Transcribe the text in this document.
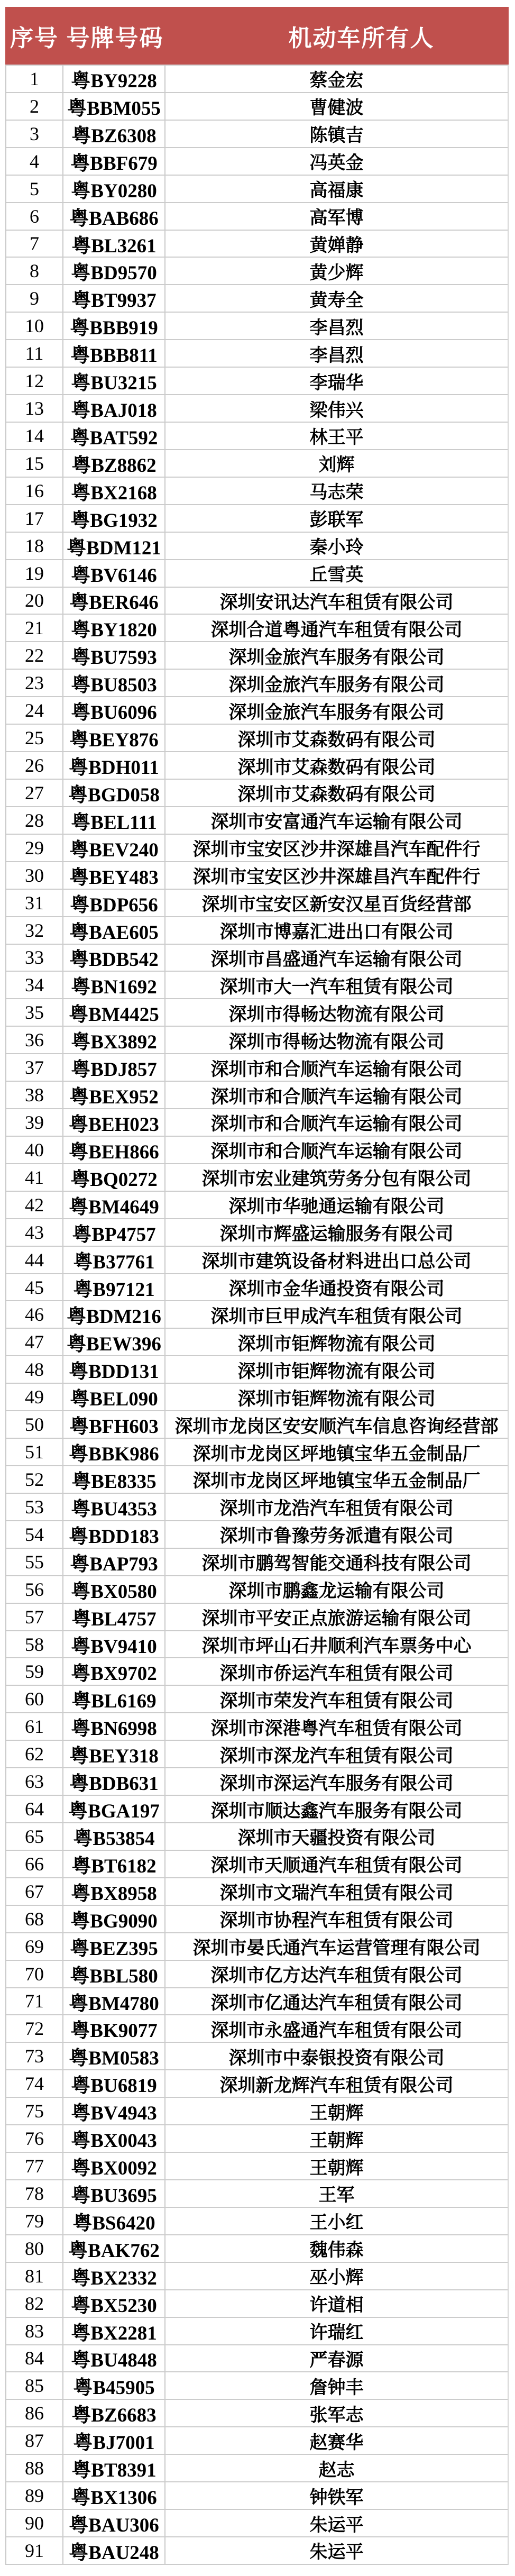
序号 号牌号码	机动车所有人
1	粤BY9228	蔡金宏
2	粤BBM055	曹健波
3	粤BZ6308	陈镇吉
4	粤BBF679	冯英金
5	粤BY0280	高福康
6	粤BAB686	高军博
7	粤BL3261	黄婵静
8	粤BD9570	黄少辉
9	粤BT9937	黄寿全
10	粤BBB919	李昌烈
11	粤BBB811	李昌烈
12	粤BU3215	李瑞华
13	粤BAJ018	梁伟兴
14	粤BAT592	林王平
15	粤BZ8862	刘辉
16	粤BX2168	马志荣
17	粤BG1932	彭联军
18	粤BDM121	秦小玲
19	粤BV6146	丘雪英
20	粤BER646	深圳安讯达汽车租赁有限公司
21	粤BY1820	深圳合道粤通汽车租赁有限公司
22	粤BU7593	深圳金旅汽车服务有限公司
23	粤BU8503	深圳金旅汽车服务有限公司
24	粤BU6096	深圳金旅汽车服务有限公司
25	粤BEY876	深圳市艾森数码有限公司
26	粤BDH011	深圳市艾森数码有限公司
27	粤BGD058	深圳市艾森数码有限公司
28	粤BEL111	深圳市安富通汽车运输有限公司
29	粤BEV240	深圳市宝安区沙井深雄昌汽车配件行
30	粤BEY483	深圳市宝安区沙井深雄昌汽车配件行
31	粤BDP656	深圳市宝安区新安汉星百货经营部
32	粤BAE605	深圳市博嘉汇进出口有限公司
33	粤BDB542	深圳市昌盛通汽车运输有限公司
34	粤BN1692	深圳市大一汽车租赁有限公司
35	粤BM4425	深圳市得畅达物流有限公司
36	粤BX3892	深圳市得畅达物流有限公司
37	粤BDJ857	深圳市和合顺汽车运输有限公司
38	粤BEX952	深圳市和合顺汽车运输有限公司
39	粤BEH023	深圳市和合顺汽车运输有限公司
40	粤BEH866	深圳市和合顺汽车运输有限公司
41	粤BQ0272	深圳市宏业建筑劳务分包有限公司
42	粤BM4649	深圳市华驰通运输有限公司
43	粤BP4757	深圳市辉盛运输服务有限公司
44	粤B37761	深圳市建筑设备材料进出口总公司
45	粤B97121	深圳市金华通投资有限公司
46	粤BDM216	深圳市巨甲成汽车租赁有限公司
47	粤BEW396	深圳市钜辉物流有限公司
48	粤BDD131	深圳市钜辉物流有限公司
49	粤BEL090	深圳市钜辉物流有限公司
50	粤BFH603 深圳市龙岗区安安顺汽车信息咨询经营部
51	粤BBK986	深圳市龙岗区坪地镇宝华五金制品厂
52	粤BE8335	深圳市龙岗区坪地镇宝华五金制品厂
53	粤BU4353	深圳市龙浩汽车租赁有限公司
54	粤BDD183	深圳市鲁豫劳务派遣有限公司
55	粤BAP793	深圳市鹏驾智能交通科技有限公司
56	粤BX0580	深圳市鹏鑫龙运输有限公司
57	粤BL4757	深圳市平安正点旅游运输有限公司
58	粤BV9410	深圳市坪山石井顺利汽车票务中心
59	粤BX9702	深圳市侨运汽车租赁有限公司
60	粤BL6169	深圳市荣发汽车租赁有限公司
61	粤BN6998	深圳市深港粤汽车租赁有限公司
62	粤BEY318	深圳市深龙汽车租赁有限公司
63	粤BDB631	深圳市深运汽车服务有限公司
64	粤BGA197	深圳市顺达鑫汽车服务有限公司
65	粤B53854	深圳市天疆投资有限公司
66	粤BT6182	深圳市天顺通汽车租赁有限公司
67	粤BX8958	深圳市文瑞汽车租赁有限公司
68	粤BG9090	深圳市协程汽车租赁有限公司
69	粤BEZ395	深圳市晏氏通汽车运营管理有限公司
70	粤BBL580	深圳市亿方达汽车租赁有限公司
71	粤BM4780	深圳市亿通达汽车租赁有限公司
72	粤BK9077	深圳市永盛通汽车租赁有限公司
73	粤BM0583	深圳市中泰银投资有限公司
74	粤BU6819	深圳新龙辉汽车租赁有限公司
75	粤BV4943	王朝辉
76	粤BX0043	王朝辉
77	粤BX0092	王朝辉
78	粤BU3695	王军
79	粤BS6420	王小红
80	粤BAK762	魏伟森
81	粤BX2332	巫小辉
82	粤BX5230	许道相
83	粤BX2281	许瑞红
84	粤BU4848	严春源
85	粤B45905	詹钟丰
86	粤BZ6683	张军志
87	粤BJ7001	赵赛华
88	粤BT8391	赵志
89	粤BX1306	钟铁军
90	粤BAU306	朱运平
91	粤BAU248	朱运平
